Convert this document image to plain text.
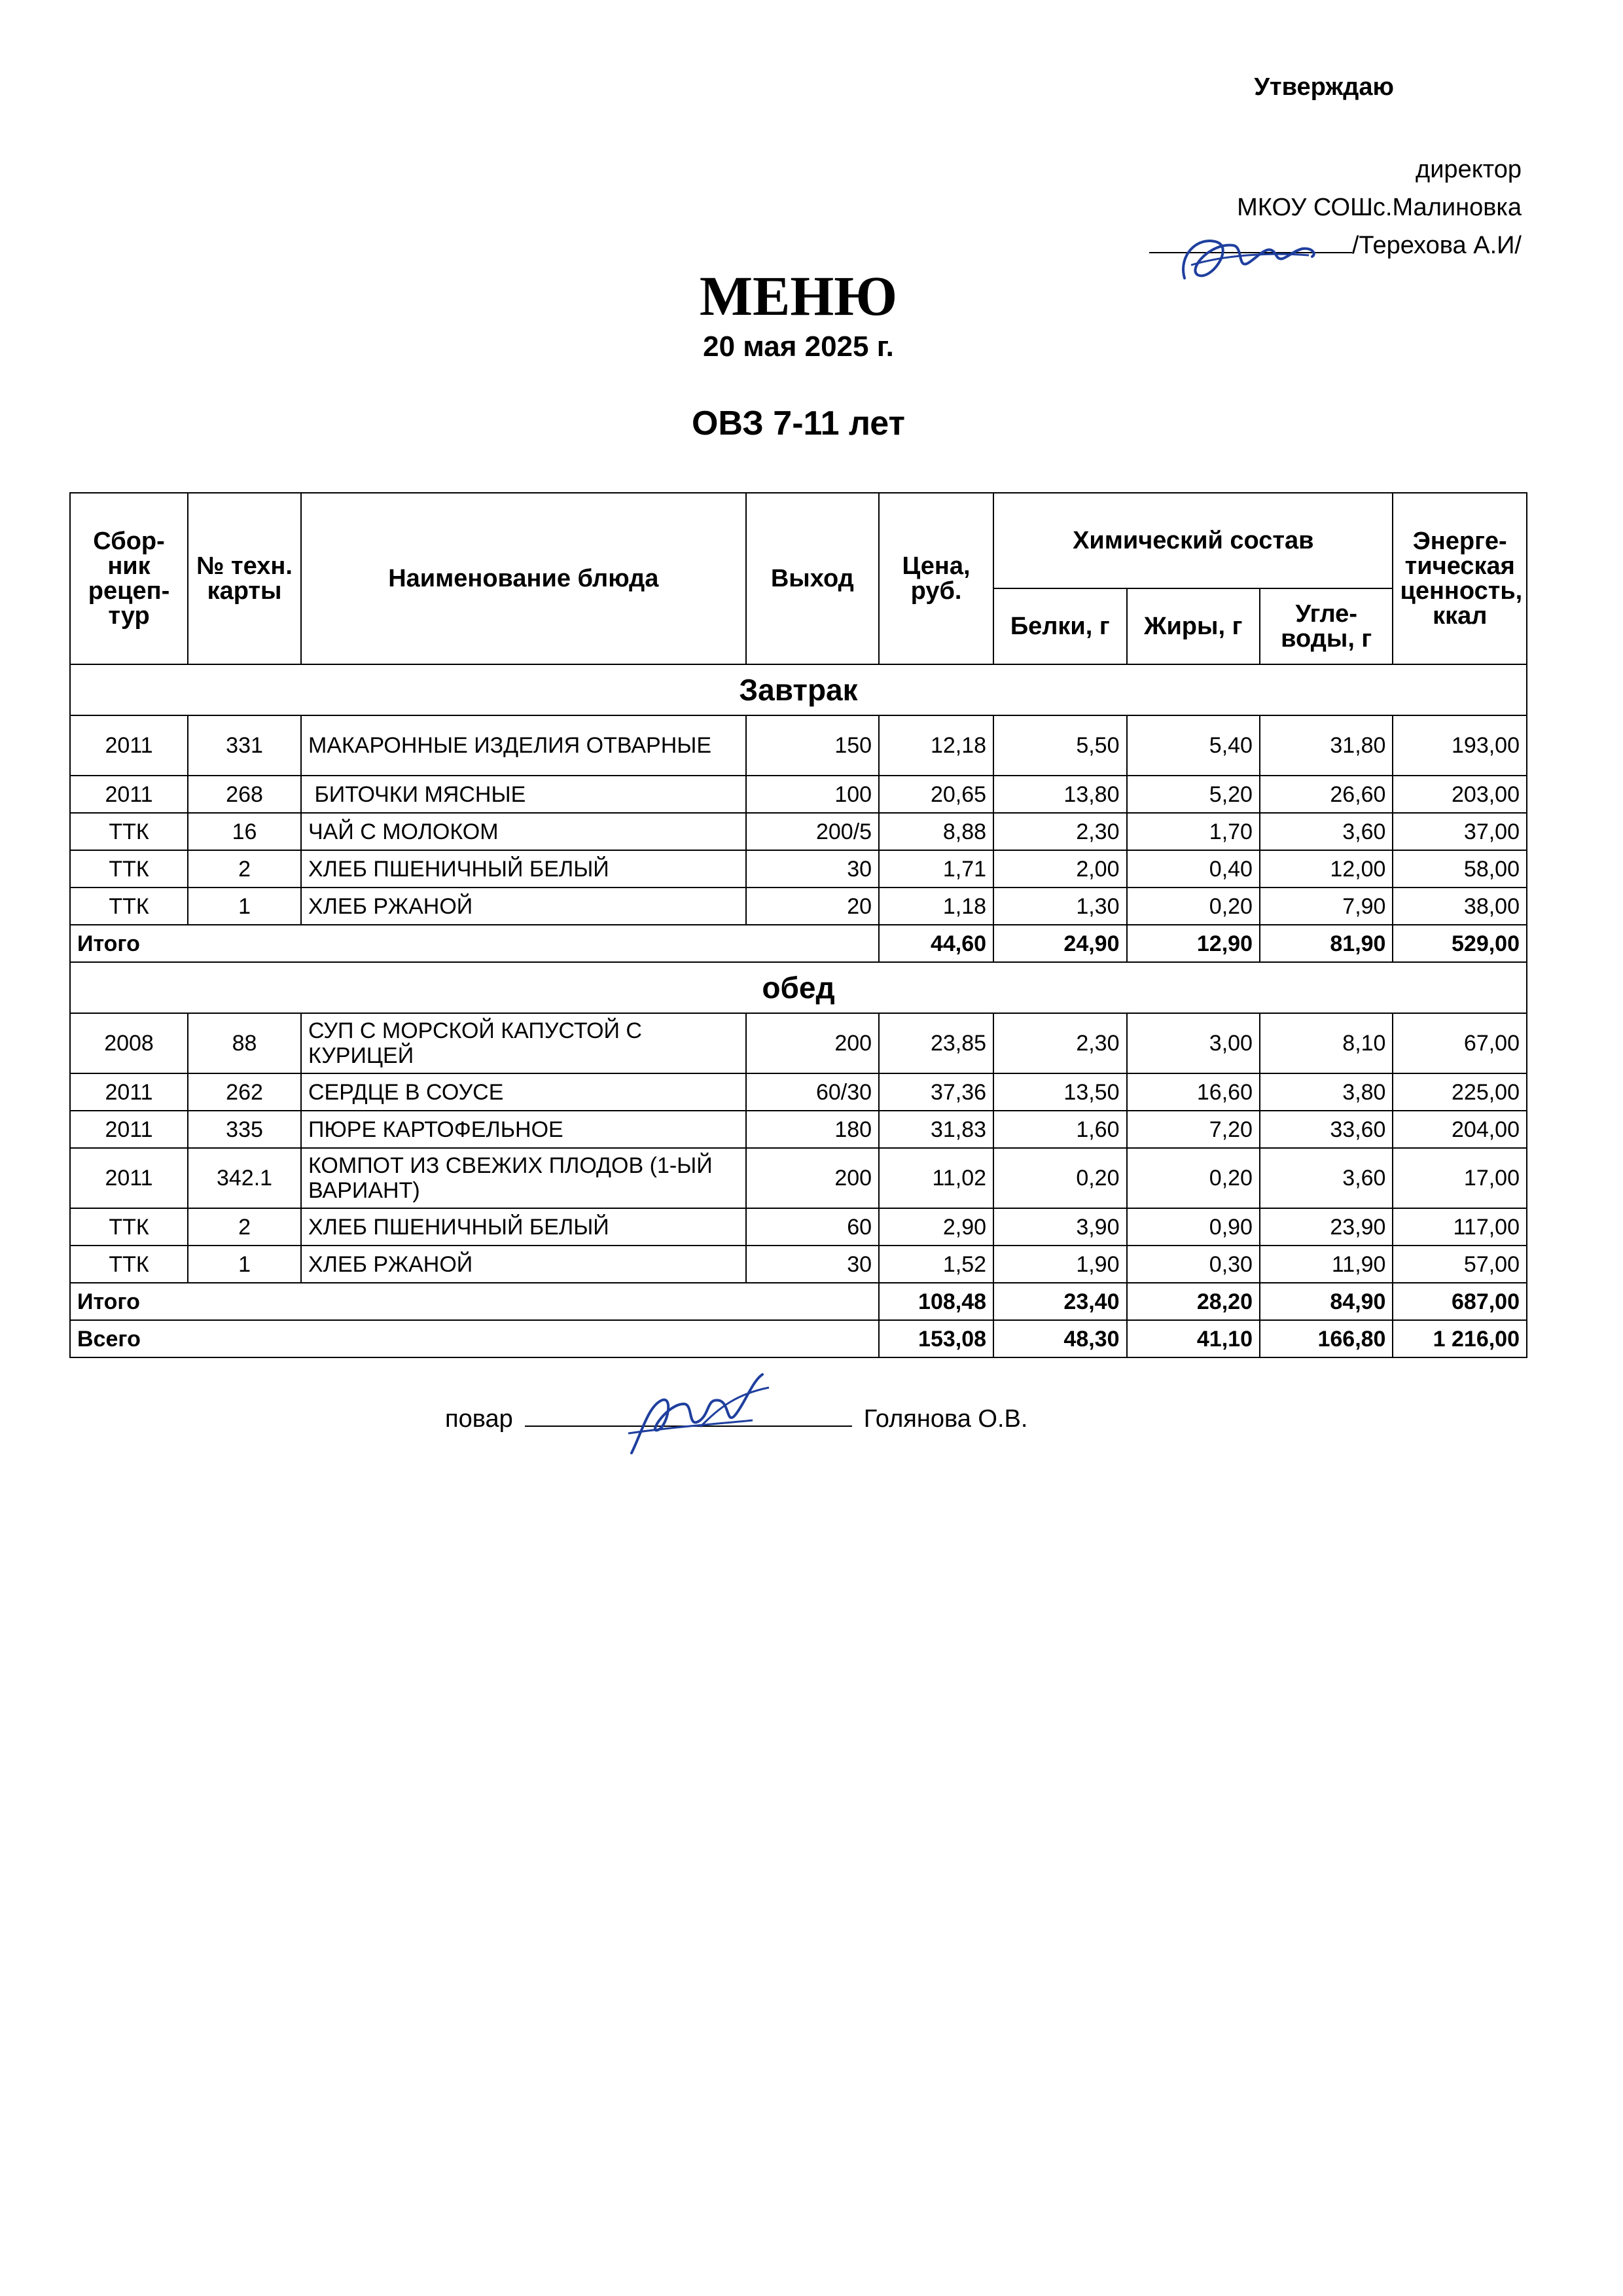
Утверждаю
директор
МКОУ СОШс.Малиновка
/Терехова А.И/
МЕНЮ
20 мая 2025 г.
ОВЗ 7-11 лет
Сбор-ник рецеп-тур	№ техн. карты	Наименование блюда	Выход	Цена, руб.	Химический состав			Энерге-тическая ценность, ккал
					Белки, г	Жиры, г	Угле-воды, г	
Завтрак								
2011	331	МАКАРОННЫЕ ИЗДЕЛИЯ ОТВАРНЫЕ	150	12,18	5,50	5,40	31,80	193,00
2011	268	БИТОЧКИ МЯСНЫЕ	100	20,65	13,80	5,20	26,60	203,00
ТТК	16	ЧАЙ С МОЛОКОМ	200/5	8,88	2,30	1,70	3,60	37,00
ТТК	2	ХЛЕБ ПШЕНИЧНЫЙ БЕЛЫЙ	30	1,71	2,00	0,40	12,00	58,00
ТТК	1	ХЛЕБ РЖАНОЙ	20	1,18	1,30	0,20	7,90	38,00
Итого				44,60	24,90	12,90	81,90	529,00
обед								
2008	88	СУП С МОРСКОЙ КАПУСТОЙ С КУРИЦЕЙ	200	23,85	2,30	3,00	8,10	67,00
2011	262	СЕРДЦЕ В СОУСЕ	60/30	37,36	13,50	16,60	3,80	225,00
2011	335	ПЮРЕ КАРТОФЕЛЬНОЕ	180	31,83	1,60	7,20	33,60	204,00
2011	342.1	КОМПОТ ИЗ СВЕЖИХ ПЛОДОВ (1-ЫЙ ВАРИАНТ)	200	11,02	0,20	0,20	3,60	17,00
ТТК	2	ХЛЕБ ПШЕНИЧНЫЙ БЕЛЫЙ	60	2,90	3,90	0,90	23,90	117,00
ТТК	1	ХЛЕБ РЖАНОЙ	30	1,52	1,90	0,30	11,90	57,00
Итого				108,48	23,40	28,20	84,90	687,00
Всего				153,08	48,30	41,10	166,80	1 216,00
повар	Голянова О.В.
